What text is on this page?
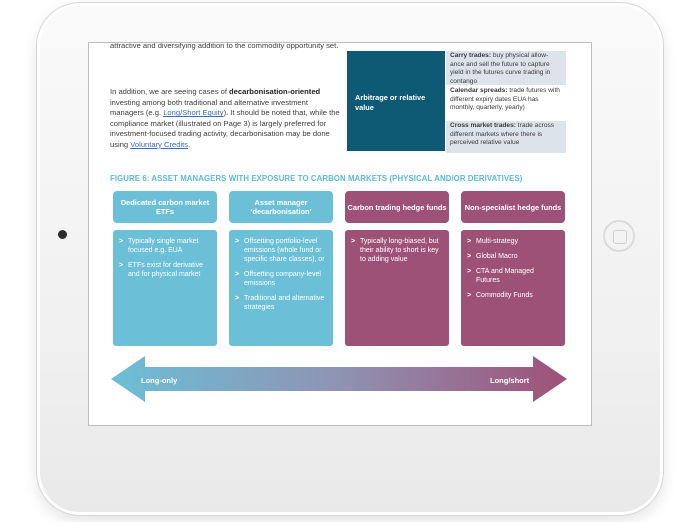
attractive and diversifying addition to the commodity opportunity set.
In addition, we are seeing cases of decarbonisation-oriented investing among both traditional and alternative investment managers (e.g. Long/Short Equity). It should be noted that, while the compliance market (illustrated on Page 3) is largely preferred for investment-focused trading activity, decarbonisation may be done using Voluntary Credits.
Arbitrage or relative value
Carry trades: buy physical allow-ance and sell the future to capture yield in the futures curve trading in contango
Calendar spreads: trade futures with different expiry dates EUA has monthly, quarterly, yearly)
Cross market trades: trade across different markets where there is perceived relative value
FIGURE 6: ASSET MANAGERS WITH EXPOSURE TO CARBON MARKETS (PHYSICAL AND/OR DERIVATIVES)
Dedicated carbon market ETFs
Asset manager ‘decarbonisation’	Carbon trading hedge funds	Non-specialist hedge funds
> Typically single market focused e.g. EUA
> ETFs exist for derivative and for physical market
> Offsetting portfolio-level emissions (whole fund or specific share classes), or
> Offsetting company-level emissions
> Traditional and alternative strategies
> Typically long-biased, but their ability to short is key to adding value
> Multi-strategy
> Global Macro
> CTA and Managed Futures
> Commodity Funds
Long-only	Long/short
